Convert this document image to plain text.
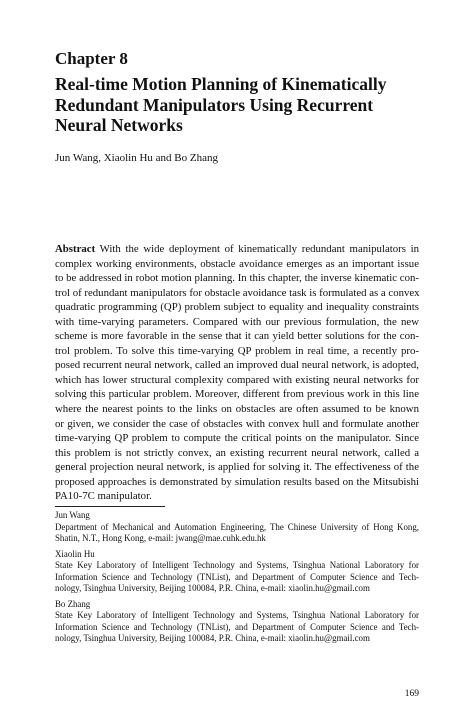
Chapter 8
Real-time Motion Planning of Kinematically
Redundant Manipulators Using Recurrent
Neural Networks
Jun Wang, Xiaolin Hu and Bo Zhang
Abstract With the wide deployment of kinematically redundant manipulators in
complex working environments, obstacle avoidance emerges as an important issue
to be addressed in robot motion planning. In this chapter, the inverse kinematic con-
trol of redundant manipulators for obstacle avoidance task is formulated as a convex
quadratic programming (QP) problem subject to equality and inequality constraints
with time-varying parameters. Compared with our previous formulation, the new
scheme is more favorable in the sense that it can yield better solutions for the con-
trol problem. To solve this time-varying QP problem in real time, a recently pro-
posed recurrent neural network, called an improved dual neural network, is adopted,
which has lower structural complexity compared with existing neural networks for
solving this particular problem. Moreover, different from previous work in this line
where the nearest points to the links on obstacles are often assumed to be known
or given, we consider the case of obstacles with convex hull and formulate another
time-varying QP problem to compute the critical points on the manipulator. Since
this problem is not strictly convex, an existing recurrent neural network, called a
general projection neural network, is applied for solving it. The effectiveness of the
proposed approaches is demonstrated by simulation results based on the Mitsubishi
PA10-7C manipulator.
Jun Wang
Department of Mechanical and Automation Engineering, The Chinese University of Hong Kong,
Shatin, N.T., Hong Kong, e-mail: jwang@mae.cuhk.edu.hk
Xiaolin Hu
State Key Laboratory of Intelligent Technology and Systems, Tsinghua National Laboratory for
Information Science and Technology (TNList), and Department of Computer Science and Tech-
nology, Tsinghua University, Beijing 100084, P.R. China, e-mail: xiaolin.hu@gmail.com
Bo Zhang
State Key Laboratory of Intelligent Technology and Systems, Tsinghua National Laboratory for
Information Science and Technology (TNList), and Department of Computer Science and Tech-
nology, Tsinghua University, Beijing 100084, P.R. China, e-mail: xiaolin.hu@gmail.com
169
